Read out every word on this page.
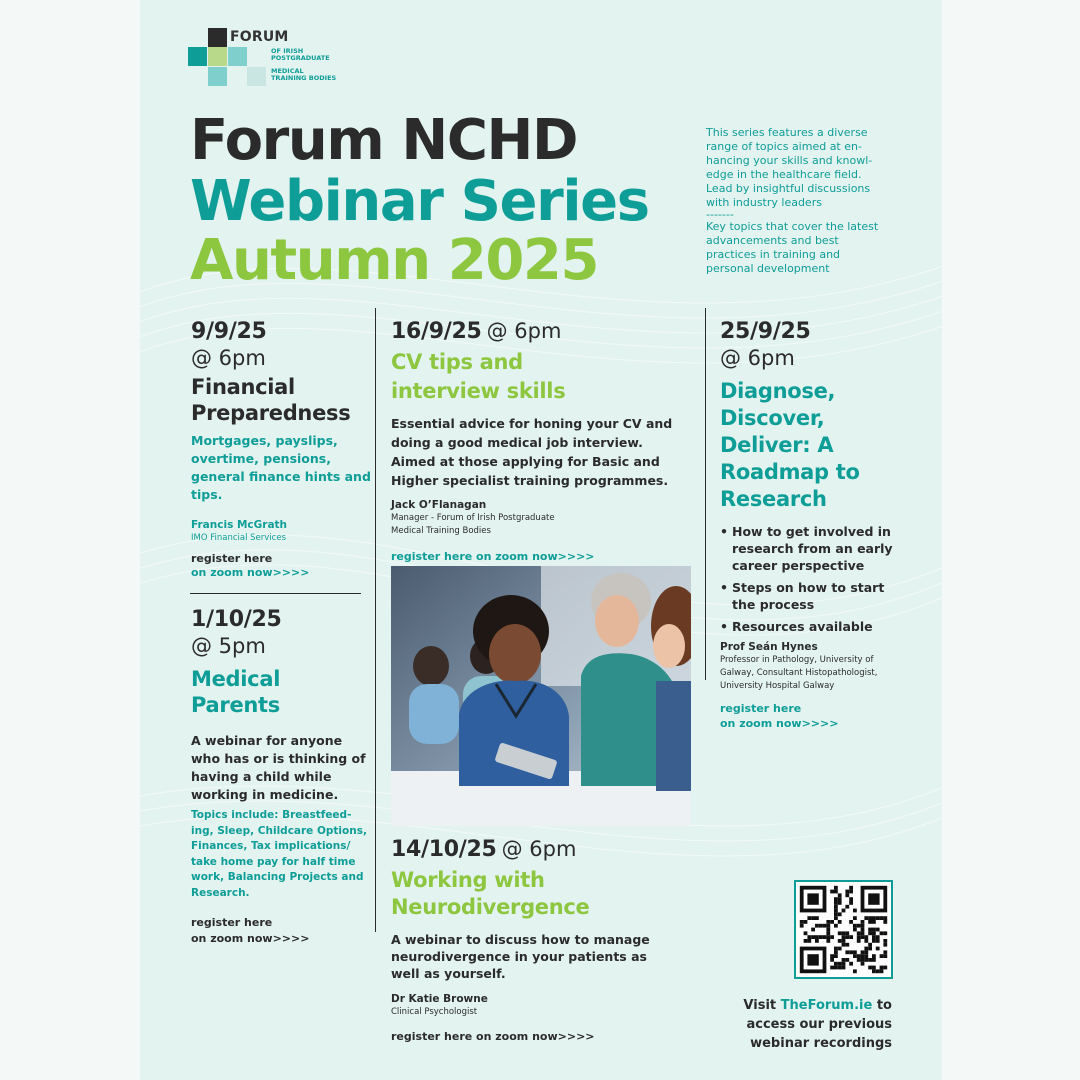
FORUM
OF IRISH
POSTGRADUATE
MEDICAL
TRAINING BODIES
Forum NCHD
Webinar Series
Autumn 2025
This series features a diverse range of topics aimed at en-hancing your skills and knowl-edge in the healthcare field. Lead by insightful discussions with industry leaders
-------
Key topics that cover the latest advancements and best practices in training and personal development
9/9/25
@ 6pm
Financial Preparedness
Mortgages, payslips, overtime, pensions, general finance hints and tips.
Francis McGrath
IMO Financial Services
register here
on zoom now>>>>
1/10/25
@ 5pm
Medical Parents
A webinar for anyone who has or is thinking of having a child while working in medicine.
Topics include: Breastfeed-ing, Sleep, Childcare Options, Finances, Tax implications/ take home pay for half time work, Balancing Projects and Research.
register here
on zoom now>>>>
16/9/25 @ 6pm
CV tips and interview skills
Essential advice for honing your CV and doing a good medical job interview. Aimed at those applying for Basic and Higher specialist training programmes.
Jack O’Flanagan
Manager - Forum of Irish Postgraduate
Medical Training Bodies
register here on zoom now>>>>
14/10/25 @ 6pm
Working with Neurodivergence
A webinar to discuss how to manage neurodivergence in your patients as well as yourself.
Dr Katie Browne
Clinical Psychologist
register here on zoom now>>>>
25/9/25
@ 6pm
Diagnose, Discover, Deliver: A Roadmap to Research
• How to get involved in research from an early career perspective
• Steps on how to start the process
• Resources available
Prof Seán Hynes
Professor in Pathology, University of Galway, Consultant Histopathologist, University Hospital Galway
register here
on zoom now>>>>
Visit TheForum.ie to
access our previous
webinar recordings
